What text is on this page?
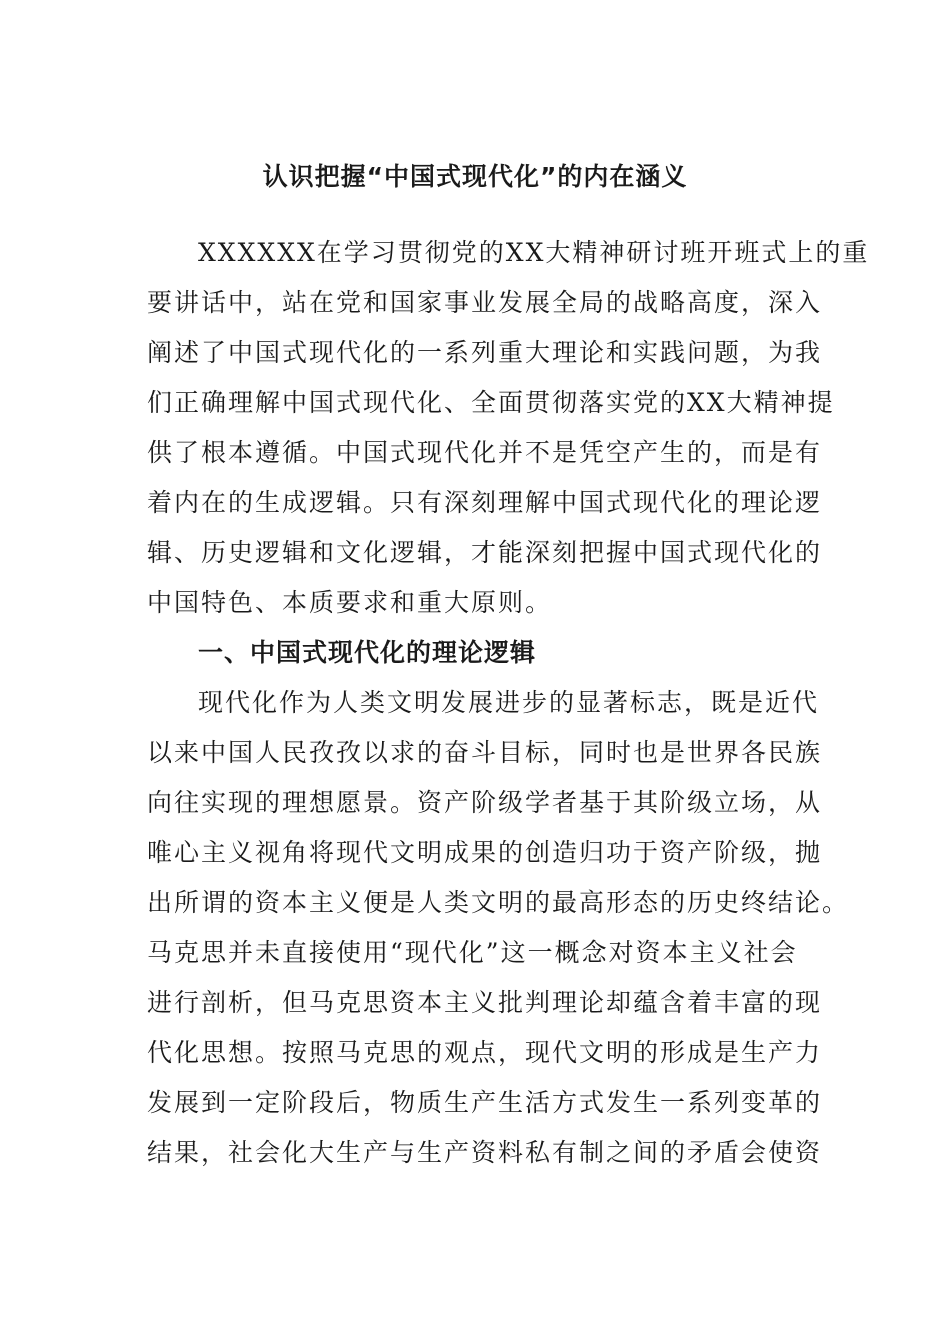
认识把握“中国式现代化”的内在涵义
XXXXXX在学习贯彻党的XX大精神研讨班开班式上的重
要讲话中，站在党和国家事业发展全局的战略高度，深入
阐述了中国式现代化的一系列重大理论和实践问题，为我
们正确理解中国式现代化、全面贯彻落实党的XX大精神提
供了根本遵循。中国式现代化并不是凭空产生的，而是有
着内在的生成逻辑。只有深刻理解中国式现代化的理论逻
辑、历史逻辑和文化逻辑，才能深刻把握中国式现代化的
中国特色、本质要求和重大原则。
一、中国式现代化的理论逻辑
现代化作为人类文明发展进步的显著标志，既是近代
以来中国人民孜孜以求的奋斗目标，同时也是世界各民族
向往实现的理想愿景。资产阶级学者基于其阶级立场，从
唯心主义视角将现代文明成果的创造归功于资产阶级，抛
出所谓的资本主义便是人类文明的最高形态的历史终结论。
马克思并未直接使用“现代化”这一概念对资本主义社会
进行剖析，但马克思资本主义批判理论却蕴含着丰富的现
代化思想。按照马克思的观点，现代文明的形成是生产力
发展到一定阶段后，物质生产生活方式发生一系列变革的
结果，社会化大生产与生产资料私有制之间的矛盾会使资
